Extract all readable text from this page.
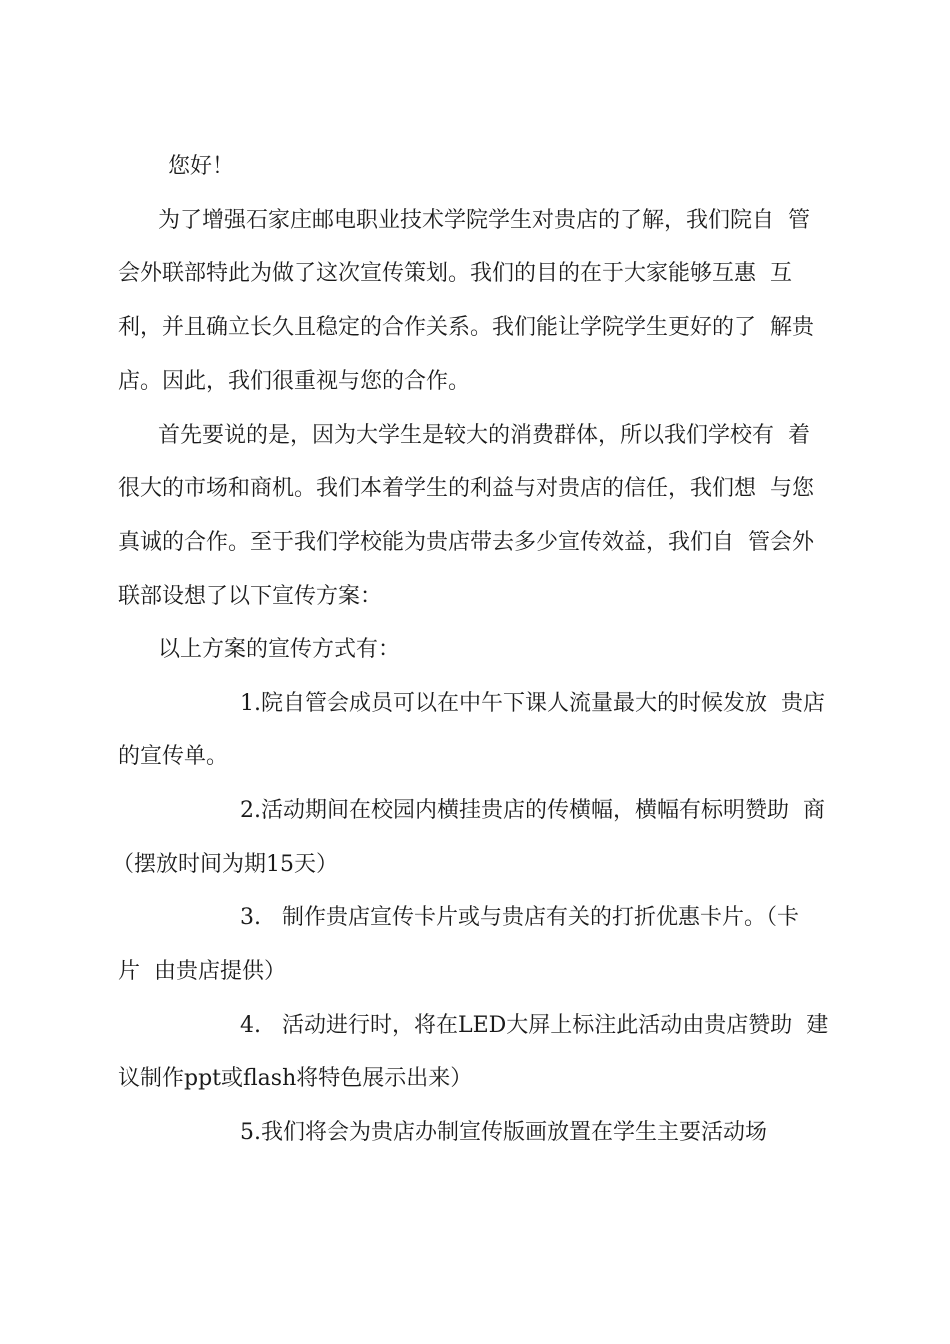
您好！
为了增强石家庄邮电职业技术学院学生对贵店的了解，我们院自  管
会外联部特此为做了这次宣传策划。我们的目的在于大家能够互惠  互
利，并且确立长久且稳定的合作关系。我们能让学院学生更好的了  解贵
店。因此，我们很重视与您的合作。
首先要说的是，因为大学生是较大的消费群体，所以我们学校有  着
很大的市场和商机。我们本着学生的利益与对贵店的信任，我们想  与您
真诚的合作。至于我们学校能为贵店带去多少宣传效益，我们自  管会外
联部设想了以下宣传方案：
以上方案的宣传方式有：
1.院自管会成员可以在中午下课人流量最大的时候发放  贵店
的宣传单。
2.活动期间在校园内横挂贵店的传横幅，横幅有标明赞助  商
（摆放时间为期15天）
3.   制作贵店宣传卡片或与贵店有关的打折优惠卡片。（卡
片  由贵店提供）
4.   活动进行时，将在LED大屏上标注此活动由贵店赞助  建
议制作ppt或flash将特色展示出来）
5.我们将会为贵店办制宣传版画放置在学生主要活动场
